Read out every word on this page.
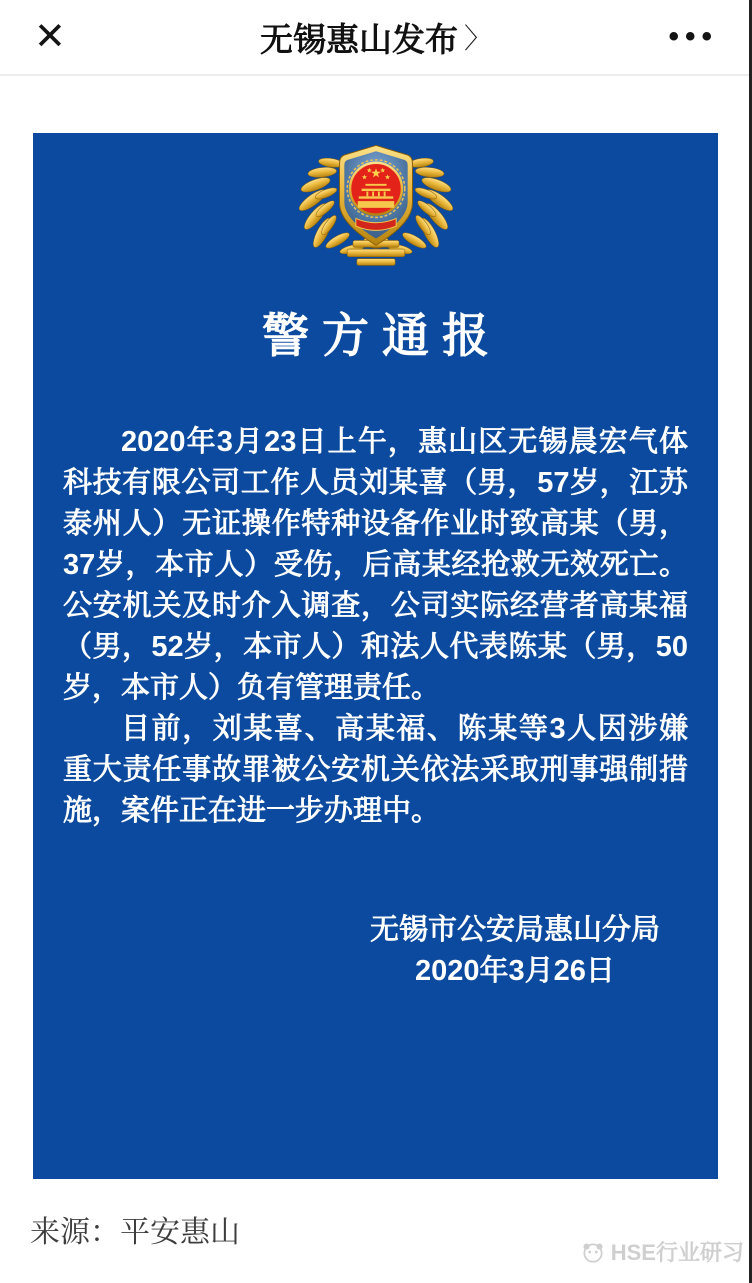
✕	无锡惠山发布 〉	•••
警方通报

2020年3月23日上午，惠山区无锡晨宏气体科技有限公司工作人员刘某喜（男，57岁，江苏泰州人）无证操作特种设备作业时致高某（男，37岁，本市人）受伤，后高某经抢救无效死亡。公安机关及时介入调查，公司实际经营者高某福（男，52岁，本市人）和法人代表陈某（男，50岁，本市人）负有管理责任。

目前，刘某喜、高某福、陈某等3人因涉嫌重大责任事故罪被公安机关依法采取刑事强制措施，案件正在进一步办理中。

无锡市公安局惠山分局
2020年3月26日
来源：平安惠山
HSE行业研习
